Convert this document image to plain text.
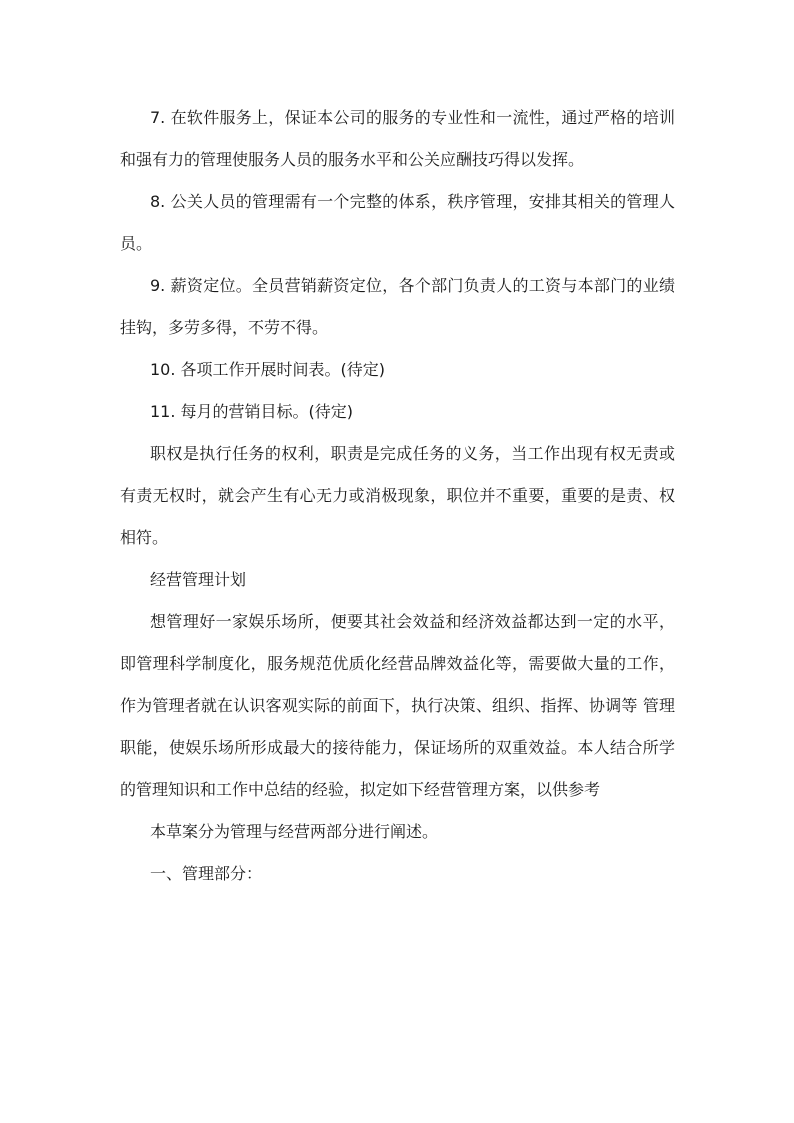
7. 在软件服务上，保证本公司的服务的专业性和一流性，通过严格的培训和强有力的管理使服务人员的服务水平和公关应酬技巧得以发挥。

8. 公关人员的管理需有一个完整的体系，秩序管理，安排其相关的管理人员。

9. 薪资定位。全员营销薪资定位，各个部门负责人的工资与本部门的业绩挂钩，多劳多得，不劳不得。

10. 各项工作开展时间表。(待定)

11. 每月的营销目标。(待定)

职权是执行任务的权利，职责是完成任务的义务，当工作出现有权无责或有责无权时，就会产生有心无力或消极现象，职位并不重要，重要的是责、权相符。

经营管理计划

想管理好一家娱乐场所，便要其社会效益和经济效益都达到一定的水平，即管理科学制度化，服务规范优质化经营品牌效益化等，需要做大量的工作，作为管理者就在认识客观实际的前面下，执行决策、组织、指挥、协调等 管理职能，使娱乐场所形成最大的接待能力，保证场所的双重效益。本人结合所学的管理知识和工作中总结的经验，拟定如下经营管理方案，以供参考

本草案分为管理与经营两部分进行阐述。

一、管理部分：
